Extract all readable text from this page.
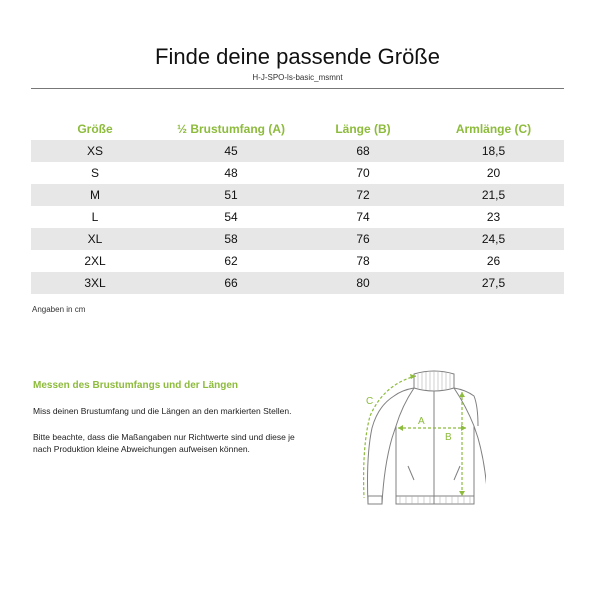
Finde deine passende Größe
H-J-SPO-ls-basic_msmnt
Größe	½ Brustumfang (A)	Länge (B)	Armlänge (C)
XS	45	68	18,5
S	48	70	20
M	51	72	21,5
L	54	74	23
XL	58	76	24,5
2XL	62	78	26
3XL	66	80	27,5
Angaben in cm
Messen des Brustumfangs und der Längen
Miss deinen Brustumfang und die Längen an den markierten Stellen.
Bitte beachte, dass die Maßangaben nur Richtwerte sind und diese je nach Produktion kleine Abweichungen aufweisen können.
A
B
C
